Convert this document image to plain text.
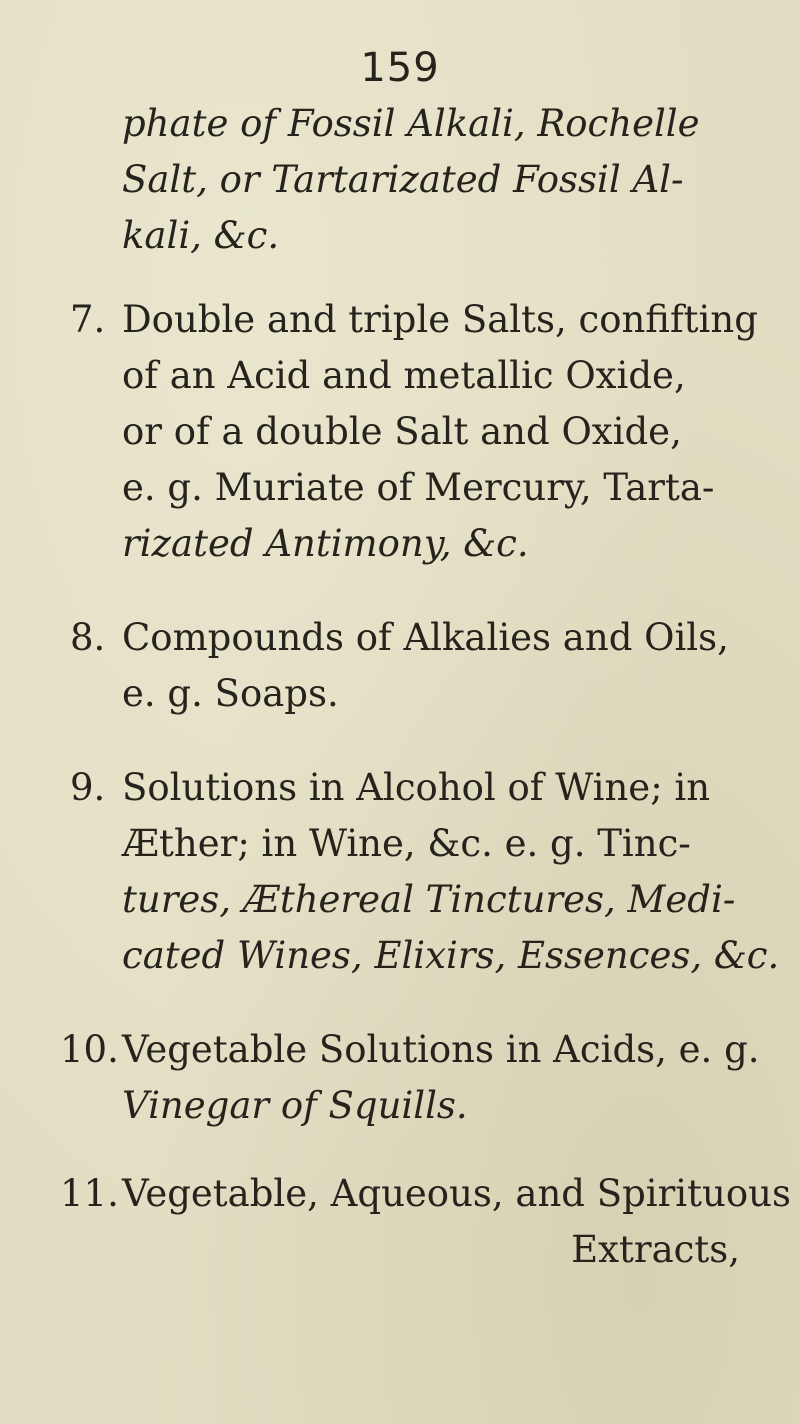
159
phate of Fossil Alkali, Rochelle
Salt, or Tartarizated Fossil Al-
kali, &c.
7. Double and triple Salts, confifting
of an Acid and metallic Oxide,
or of a double Salt and Oxide,
e. g. Muriate of Mercury, Tarta-
rizated Antimony, &c.
8. Compounds of Alkalies and Oils,
e. g. Soaps.
9. Solutions in Alcohol of Wine; in
Æther; in Wine, &c. e. g. Tinc-
tures, Æthereal Tinctures, Medi-
cated Wines, Elixirs, Essences, &c.
10. Vegetable Solutions in Acids, e. g.
Vinegar of Squills.
11. Vegetable, Aqueous, and Spirituous
Extracts,
